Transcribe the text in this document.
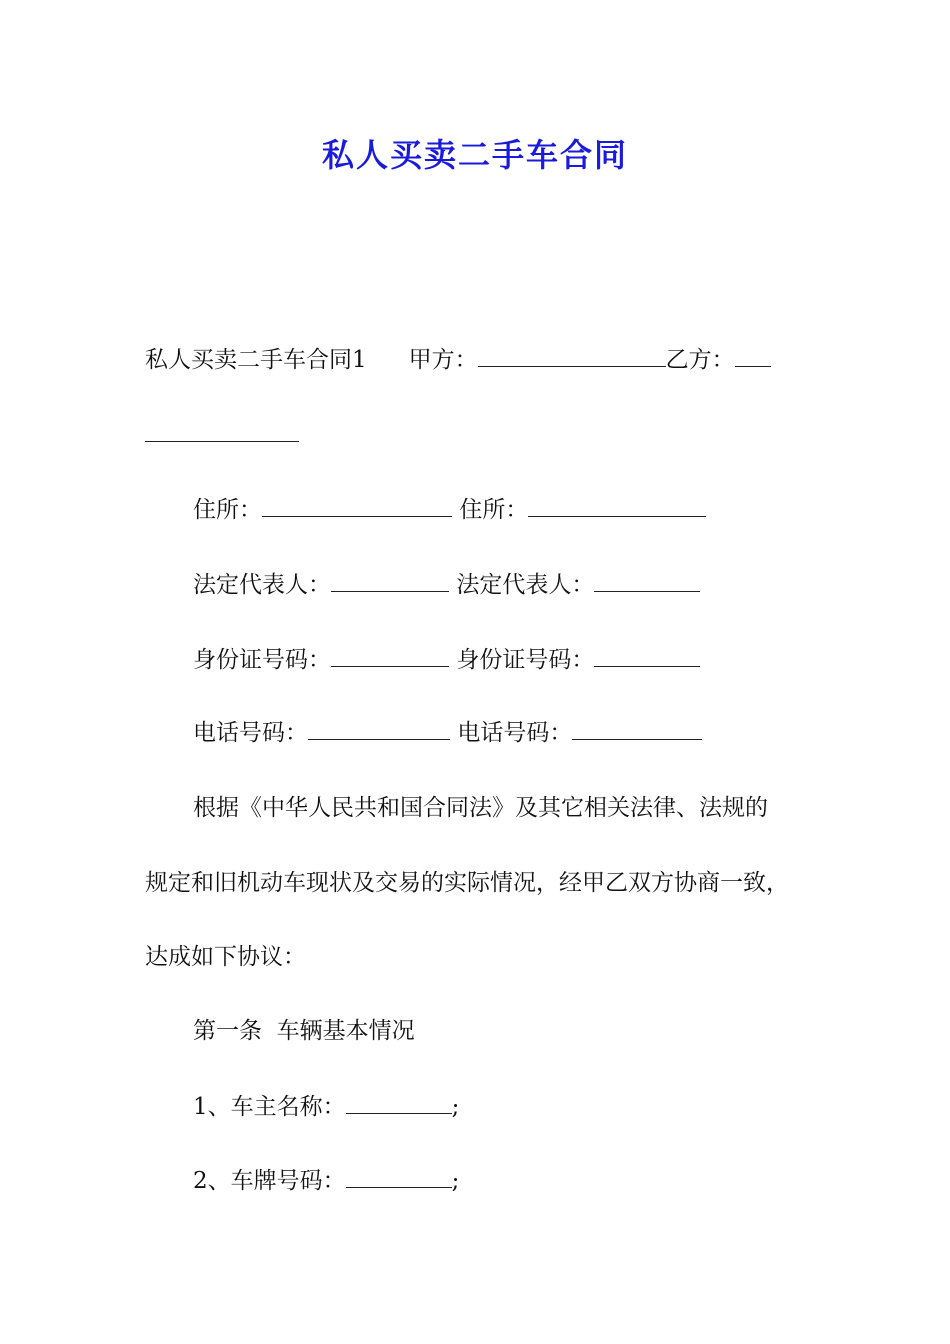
私人买卖二手车合同
私人买卖二手车合同1 甲方：	乙方：
住所：	住所：
法定代表人：	法定代表人：
身份证号码：	身份证号码：
电话号码：	电话号码：
根据《中华人民共和国合同法》及其它相关法律、法规的
规定和旧机动车现状及交易的实际情况，经甲乙双方协商一致，
达成如下协议：
第一条  车辆基本情况
1、车主名称：	;
2、车牌号码：	;
